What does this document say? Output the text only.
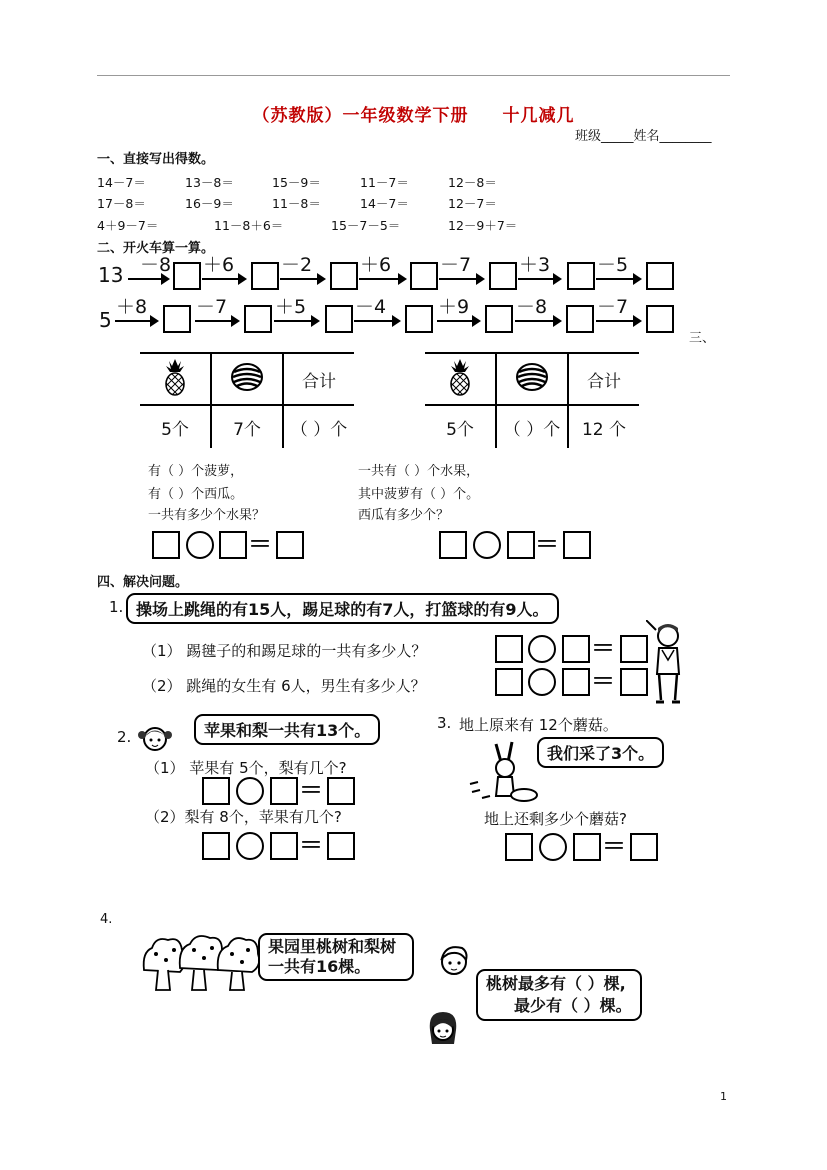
（苏教版）一年级数学下册 十几减几
班级_____姓名________
一、直接写出得数。
14－7＝	13－8＝	15－9＝	11－7＝	12－8＝
17－8＝	16－9＝	11－8＝	14－7＝	12－7＝
4＋9－7＝	11－8＋6＝	15－7－5＝	12－9＋7＝
二、开火车算一算。
13 －8 ＋6 －2	＋6	－7	＋3 －5
5
＋8	－7	＋5	－4	＋9 －8	－7
三、
		合计
5个	7个	（ ）个
		合计
5个	（ ）个	12 个
有（ ）个菠萝，
有（ ）个西瓜。
一共有多少个水果？
一共有（ ）个水果，
其中菠萝有（ ）个。
西瓜有多少个？
＝	＝
四、解决问题。
1. 操场上跳绳的有15人，踢足球的有7人，打篮球的有9人。
（1） 踢毽子的和踢足球的一共有多少人？
（2） 跳绳的女生有 6人，男生有多少人？
＝
＝
2.	苹果和梨一共有13个。
（1） 苹果有 5个，梨有几个?
＝
（2）梨有 8个，苹果有几个?
＝
3. 地上原来有 12个蘑菇。
我们采了3个。
地上还剩多少个蘑菇?
＝
4.
果园里桃树和梨树一共有16棵。
桃树最多有（ ）棵,
最少有（ ）棵。
1
